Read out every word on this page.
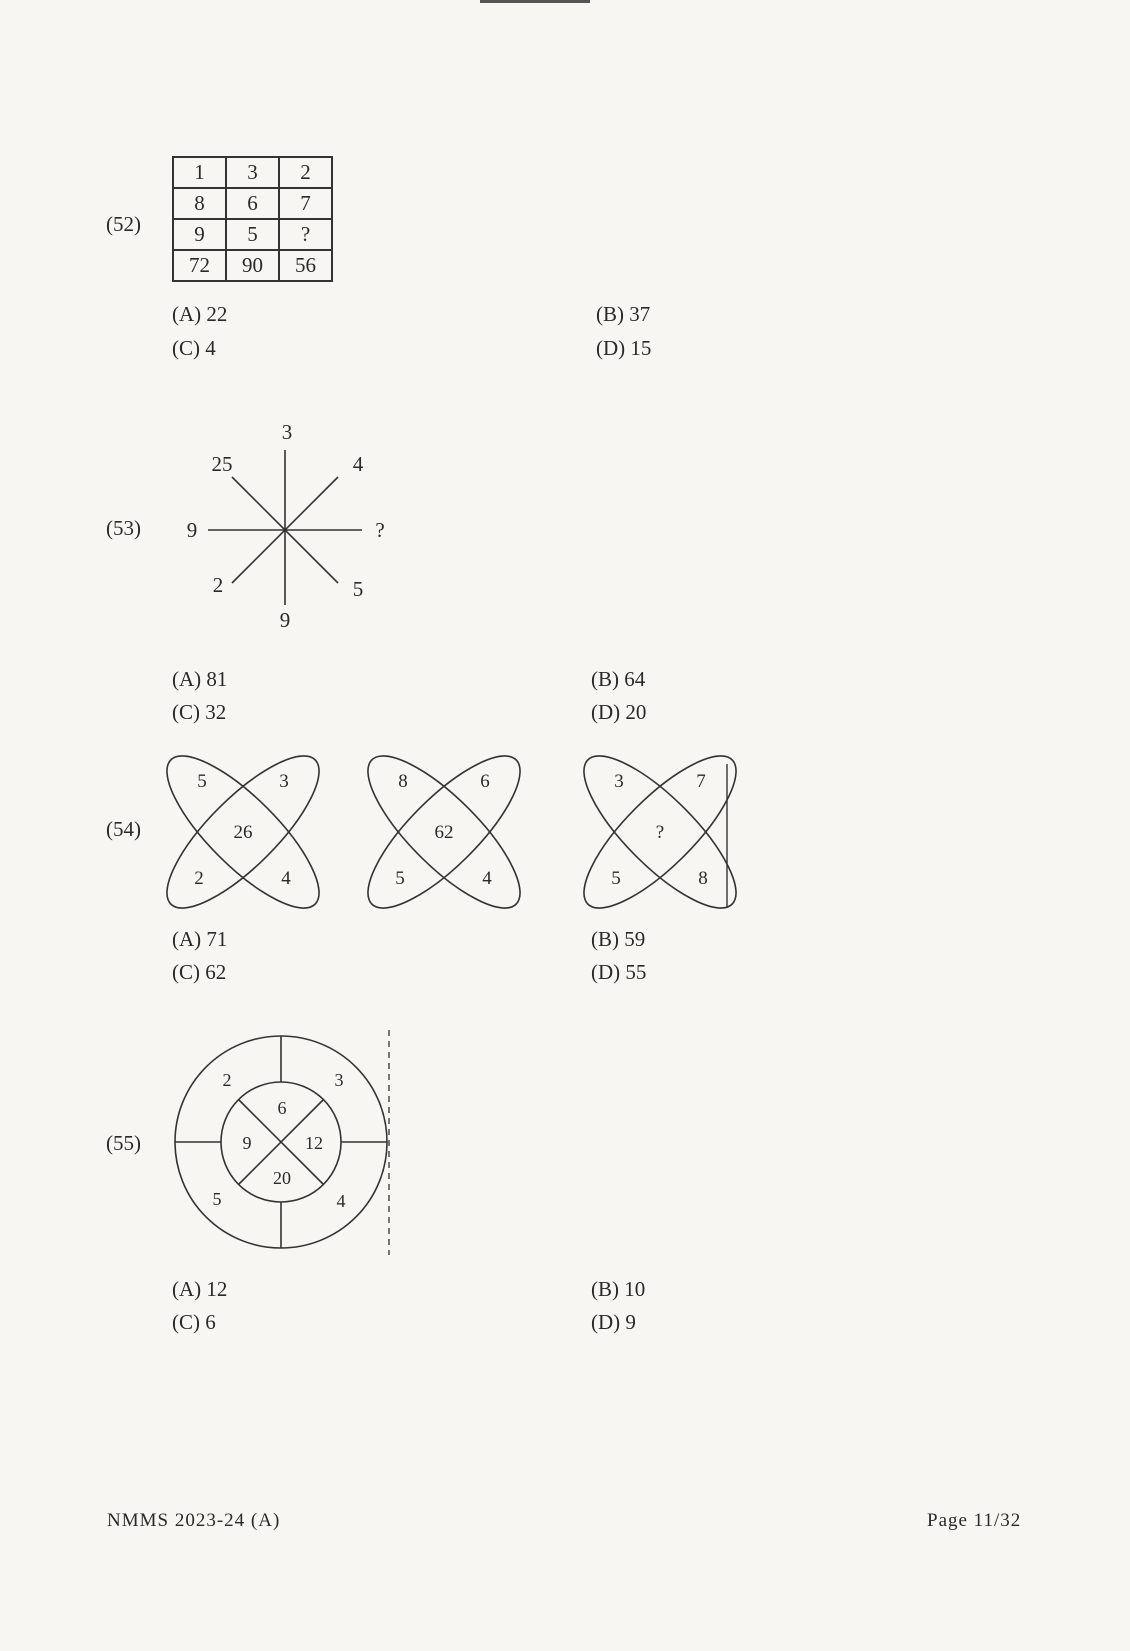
(52)
1	3	2
8	6	7
9	5	?
72	90	56
(A) 22	(B) 37
(C) 4	(D) 15
(53)
3
4
?
5
9
2
9
25
(A) 81	(B) 64
(C) 32	(D) 20
(54)
5	3
26
2	4
8	6
62
5	4
3	7
?
5	8
(A) 71	(B) 59
(C) 62	(D) 55
(55)
2	3
5	4
6
9	12
20
(A) 12	(B) 10
(C) 6	(D) 9
NMMS 2023-24 (A)	Page 11/32
